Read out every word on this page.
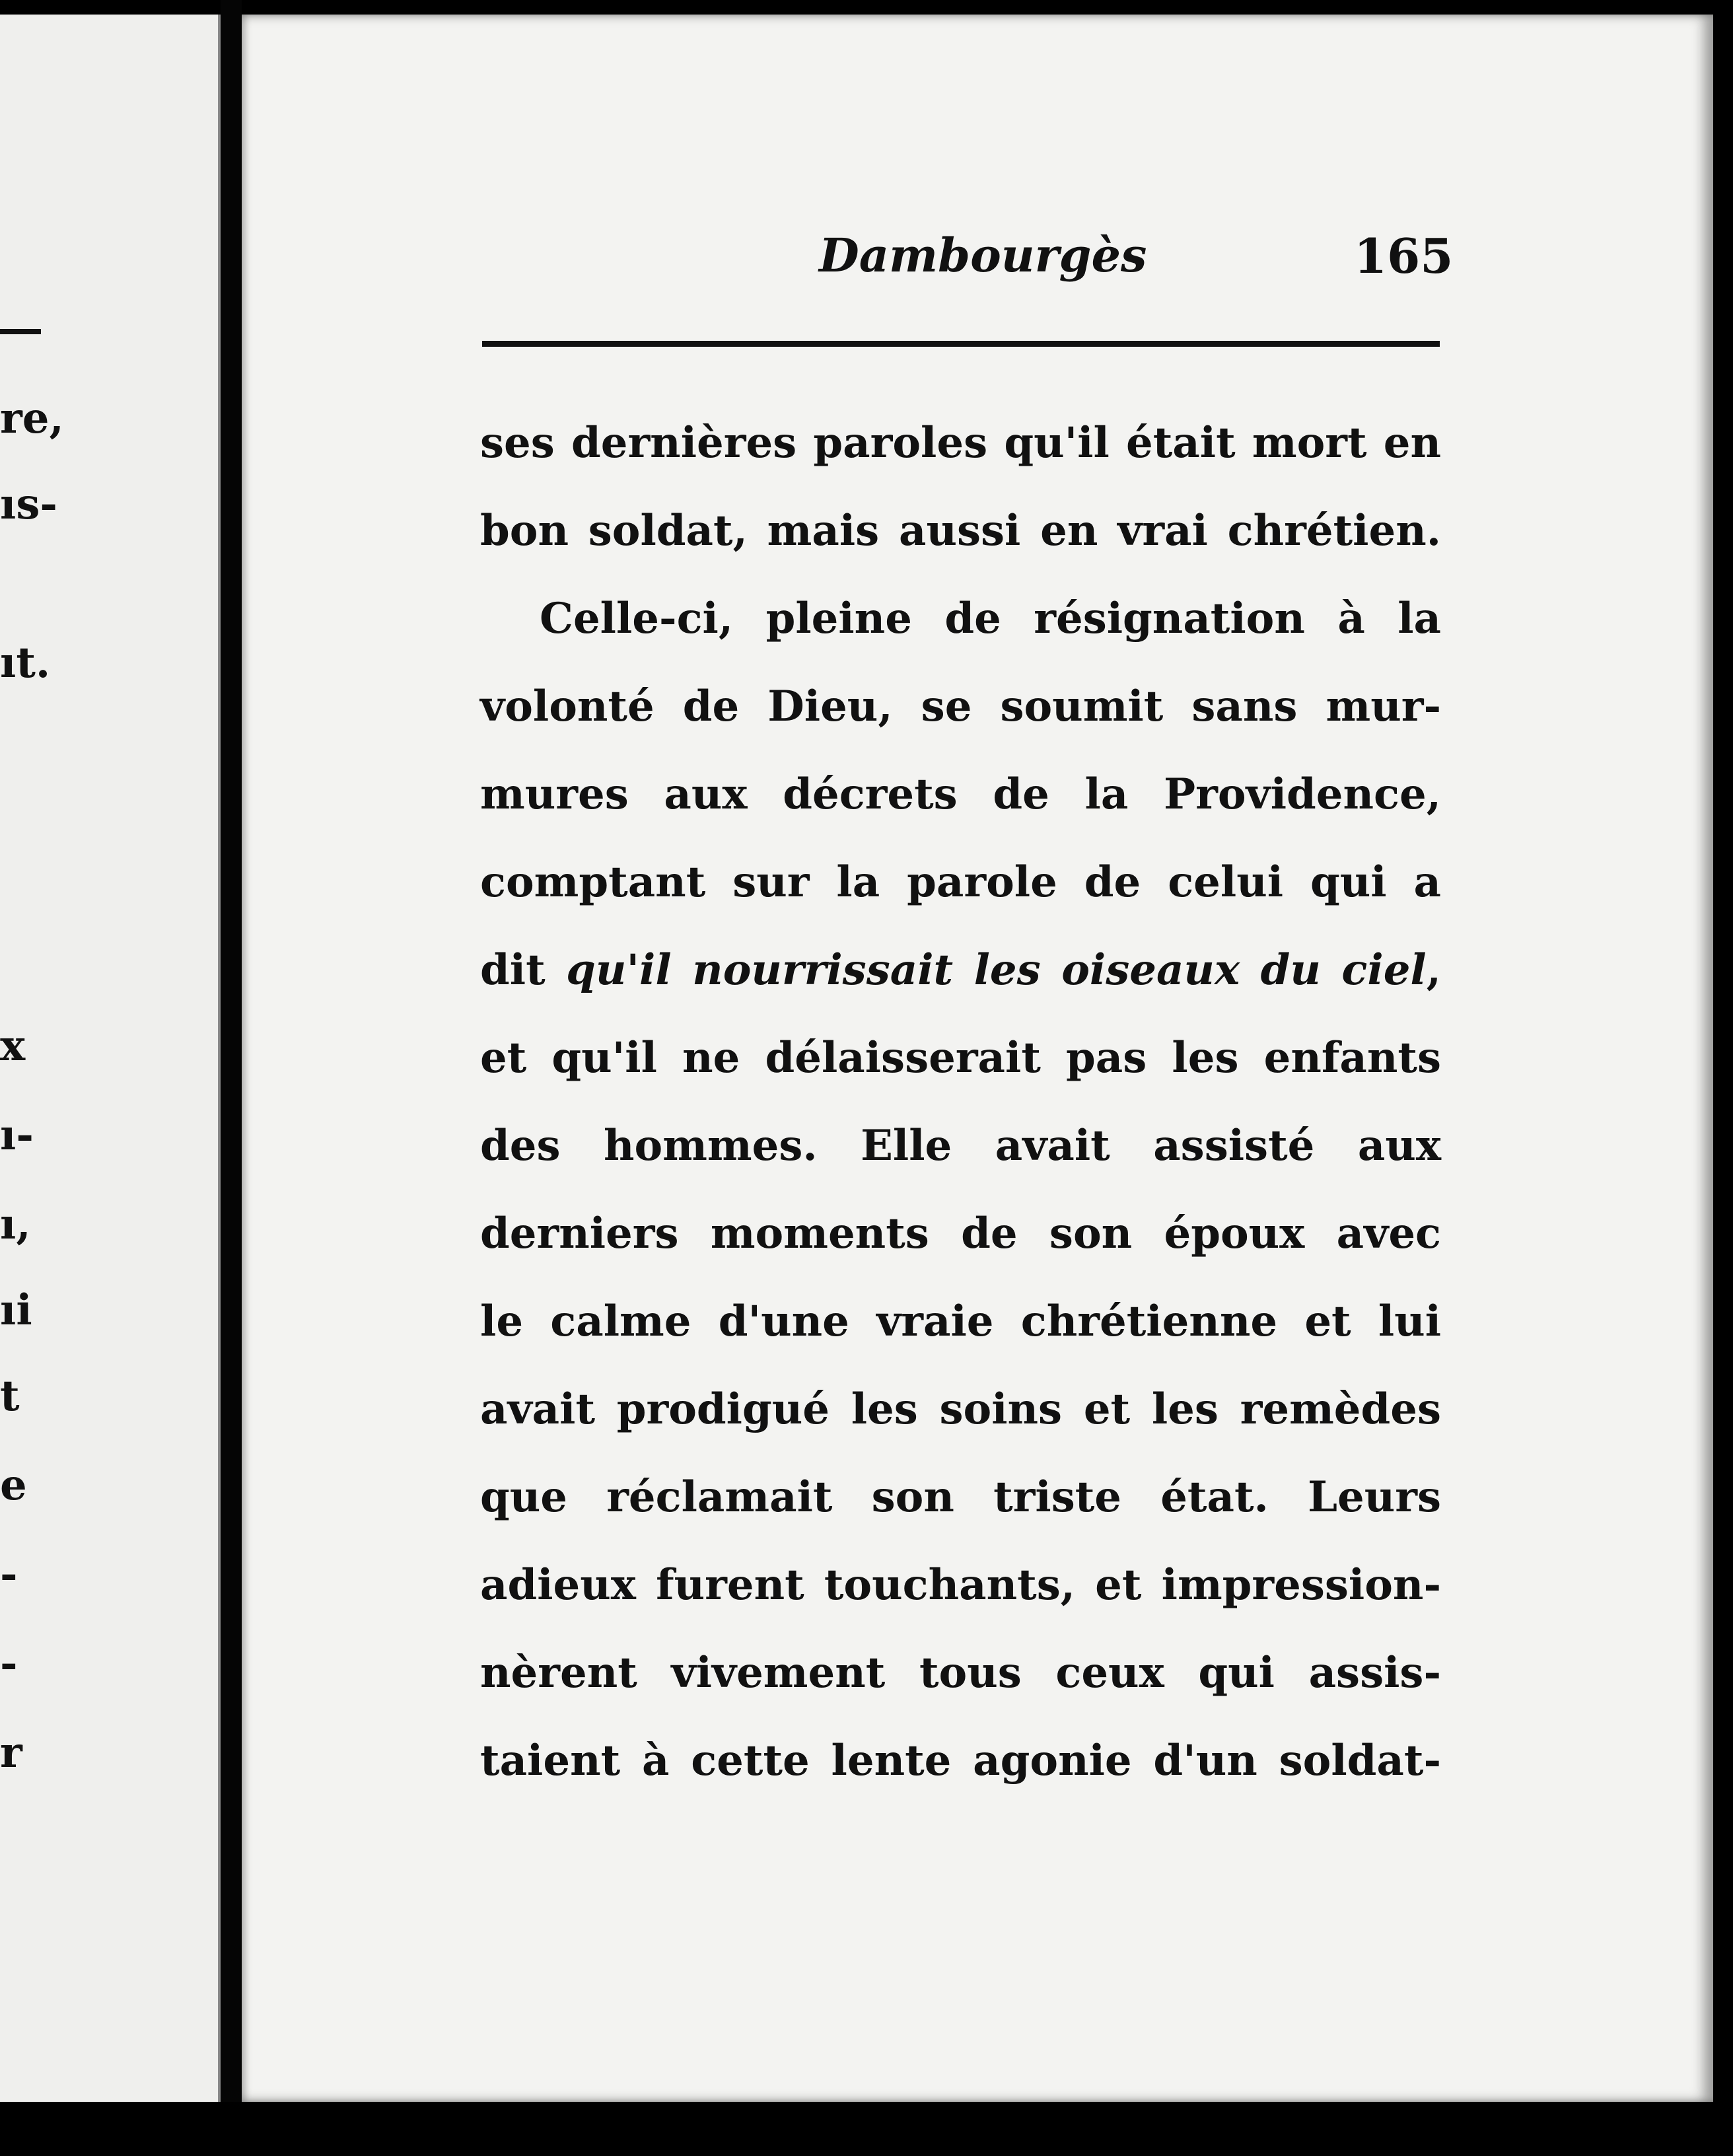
re,
ıs-
ıt.
x
ı-
ı,
ıi
t
e
-
-
r
Dambourgès	165
ses dernières paroles qu'il était mort en
bon soldat, mais aussi en vrai chrétien.
Celle-ci, pleine de résignation à la
volonté de Dieu, se soumit sans mur-
mures aux décrets de la Providence,
comptant sur la parole de celui qui a
dit qu'il nourrissait les oiseaux du ciel,
et qu'il ne délaisserait pas les enfants
des hommes. Elle avait assisté aux
derniers moments de son époux avec
le calme d'une vraie chrétienne et lui
avait prodigué les soins et les remèdes
que réclamait son triste état. Leurs
adieux furent touchants, et impression-
nèrent vivement tous ceux qui assis-
taient à cette lente agonie d'un soldat-
